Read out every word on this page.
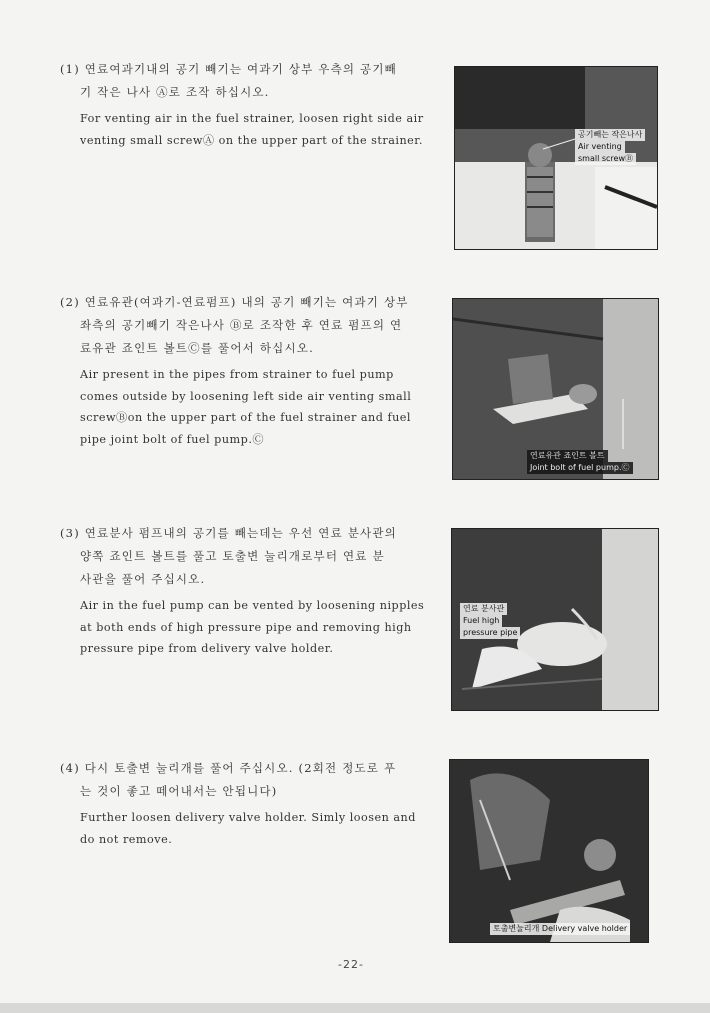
(1) 연료여과기내의 공기 빼기는 여과기 상부 우측의 공기빼

기 작은 나사 Ⓐ로 조작 하십시오.

For venting air in the fuel strainer, loosen right side air

venting small screwⒶ on the upper part of the strainer.	공기빼는 작은나사
Air venting
small screwⒷ

(2) 연료유관(여과기-연료펌프) 내의 공기 빼기는 여과기 상부

좌측의 공기빼기 작은나사 Ⓑ로 조작한 후 연료 펌프의 연

료유관 죠인트 볼트Ⓒ를 풀어서 하십시오.

Air present in the pipes from strainer to fuel pump

comes outside by loosening left side air venting small

screwⒷon the upper part of the fuel strainer and fuel

pipe joint bolt of fuel pump.Ⓒ

연료유관 죠인트 볼트
Joint bolt of fuel pump.Ⓒ

(3) 연료분사 펌프내의 공기를 빼는데는 우선 연료 분사관의

양쪽 죠인트 볼트를 풀고 토출변 눌리개로부터 연료 분

사관을 풀어 주십시오.

Air in the fuel pump can be vented by loosening nipples

at both ends of high pressure pipe and removing high

pressure pipe from delivery valve holder.

연료 분사관
Fuel high
pressure pipe

(4) 다시 토출변 눌리개를 풀어 주십시오. (2회전 정도로 푸

는 것이 좋고 떼어내서는 안됩니다)

Further loosen delivery valve holder. Simly loosen and

do not remove.

토출변눌리개 Delivery valve holder
-22-
